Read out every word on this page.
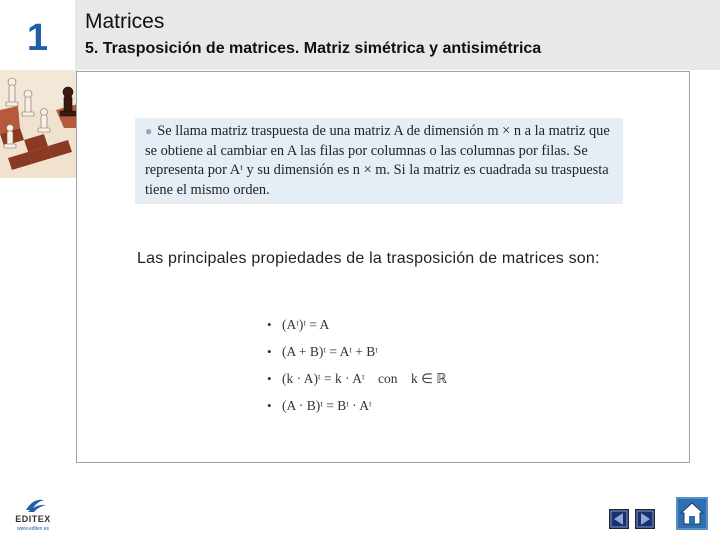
1	Matrices
5. Trasposición de matrices. Matriz simétrica y antisimétrica
● Se llama matriz traspuesta de una matriz A de dimensión m × n a la matriz que se obtiene al cambiar en A las filas por columnas o las columnas por filas. Se representa por Aᵗ y su dimensión es n × m. Si la matriz es cuadrada su traspuesta tiene el mismo orden.
Las principales propiedades de la trasposición de matrices son:
• (Aᵗ)ᵗ = A
• (A + B)ᵗ = Aᵗ + Bᵗ
• (k · A)ᵗ = k · Aᵗ    con    k ∈ ℝ
• (A · B)ᵗ = Bᵗ · Aᵗ
EDITEX
www.editex.es
